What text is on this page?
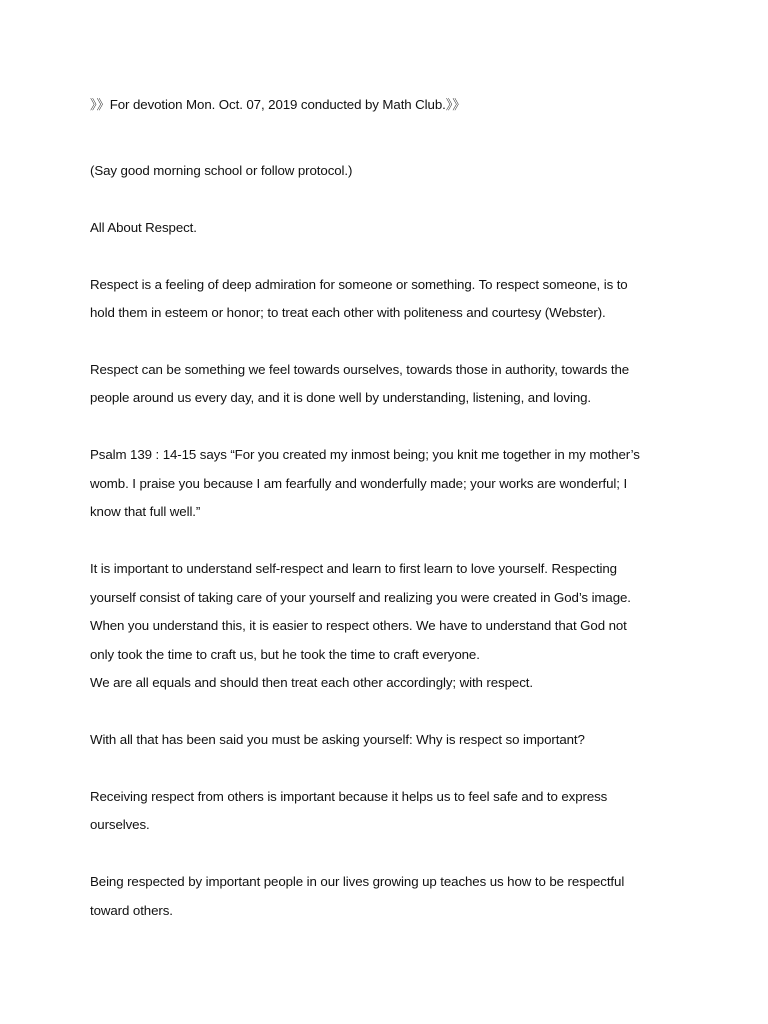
》》For devotion Mon. Oct. 07, 2019 conducted by Math Club.》》
(Say good morning school or follow protocol.)
All About Respect.
Respect is a feeling of deep admiration for someone or something. To respect someone, is to
hold them in esteem or honor; to treat each other with politeness and courtesy (Webster).
Respect can be something we feel towards ourselves, towards those in authority, towards the
people around us every day, and it is done well by understanding, listening, and loving.
Psalm 139 : 14-15 says “For you created my inmost being; you knit me together in my mother’s
womb. I praise you because I am fearfully and wonderfully made; your works are wonderful; I
know that full well.”
It is important to understand self-respect and learn to first learn to love yourself. Respecting
yourself consist of taking care of your yourself and realizing you were created in God’s image.
When you understand this, it is easier to respect others. We have to understand that God not
only took the time to craft us, but he took the time to craft everyone.
We are all equals and should then treat each other accordingly; with respect.
With all that has been said you must be asking yourself: Why is respect so important?
Receiving respect from others is important because it helps us to feel safe and to express
ourselves.
Being respected by important people in our lives growing up teaches us how to be respectful
toward others.
